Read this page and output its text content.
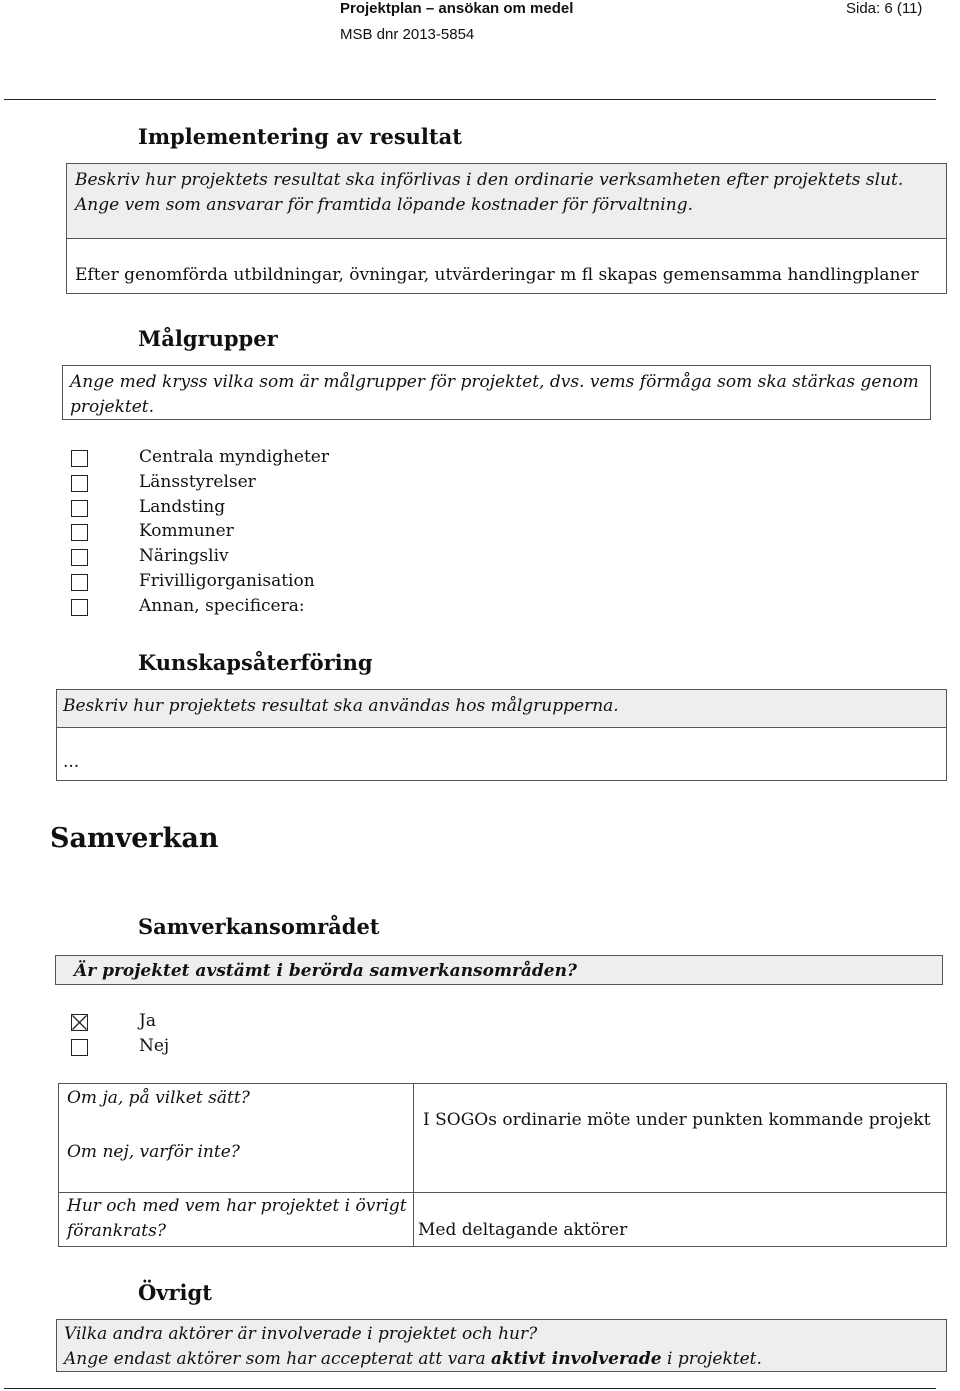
Projektplan – ansökan om medel	Sida: 6 (11)
MSB dnr 2013-5854
Implementering av resultat
Beskriv hur projektets resultat ska införlivas i den ordinarie verksamheten efter projektets slut. Ange vem som ansvarar för framtida löpande kostnader för förvaltning.
Efter genomförda utbildningar, övningar, utvärderingar m fl skapas gemensamma handlingplaner
Målgrupper
Ange med kryss vilka som är målgrupper för projektet, dvs. vems förmåga som ska stärkas genom projektet.
Centrala myndigheter
Länsstyrelser
Landsting
Kommuner
Näringsliv
Frivilligorganisation
Annan, specificera:
Kunskapsåterföring
Beskriv hur projektets resultat ska användas hos målgrupperna.
...
Samverkan
Samverkansområdet
Är projektet avstämt i berörda samverkansområden?
Ja
Nej
Om ja, på vilket sätt?
Om nej, varför inte?
I SOGOs ordinarie möte under punkten kommande projekt
Hur och med vem har projektet i övrigt förankrats?	Med deltagande aktörer
Övrigt
Vilka andra aktörer är involverade i projektet och hur?
Ange endast aktörer som har accepterat att vara aktivt involverade i projektet.
